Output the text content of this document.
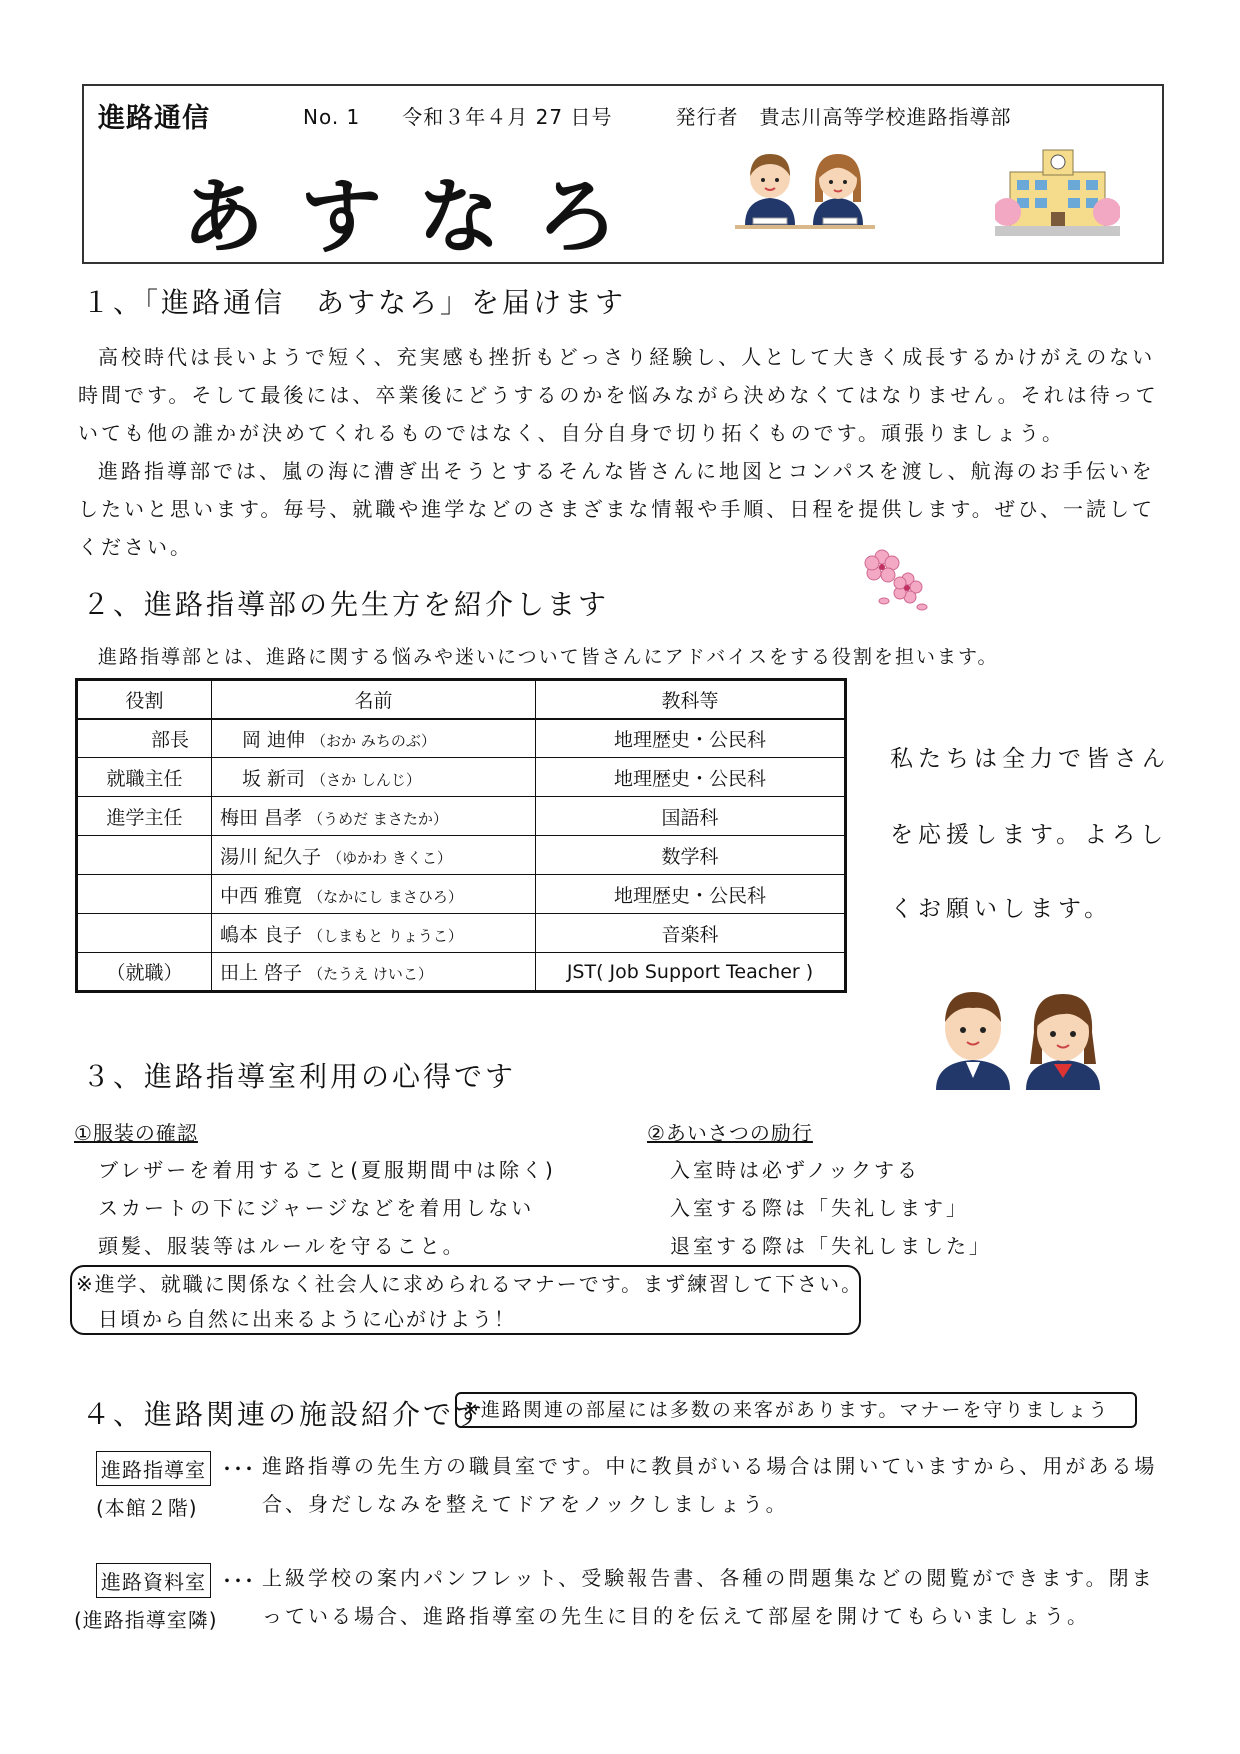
進路通信	No. 1　　令和３年４月 27 日号　　　発行者　貴志川高等学校進路指導部
あすなろ
１、「進路通信　あすなろ」を届けます

高校時代は長いようで短く、充実感も挫折もどっさり経験し、人として大きく成長するかけがえのない時間です。そして最後には、卒業後にどうするのかを悩みながら決めなくてはなりません。それは待っていても他の誰かが決めてくれるものではなく、自分自身で切り拓くものです。頑張りましょう。

進路指導部では、嵐の海に漕ぎ出そうとするそんな皆さんに地図とコンパスを渡し、航海のお手伝いをしたいと思います。毎号、就職や進学などのさまざまな情報や手順、日程を提供します。ぜひ、一読してください。

２、進路指導部の先生方を紹介します
進路指導部とは、進路に関する悩みや迷いについて皆さんにアドバイスをする役割を担います。
役割	名前	教科等
部長	岡 迪伸 （おか みちのぶ）	地理歴史・公民科
就職主任	坂 新司 （さか しんじ）	地理歴史・公民科
進学主任	梅田 昌孝 （うめだ まさたか）	国語科
	湯川 紀久子 （ゆかわ きくこ）	数学科
	中西 雅寛 （なかにし まさひろ）	地理歴史・公民科
	嶋本 良子 （しまもと りょうこ）	音楽科
（就職）	田上 啓子 （たうえ けいこ）	JST( Job Support Teacher )
私たちは全力で皆さん
を応援します。よろし
くお願いします。
３、進路指導室利用の心得です
①服装の確認
ブレザーを着用すること(夏服期間中は除く)
スカートの下にジャージなどを着用しない
頭髪、服装等はルールを守ること。
②あいさつの励行
入室時は必ずノックする
入室する際は「失礼します」
退室する際は「失礼しました」
※進学、就職に関係なく社会人に求められるマナーです。まず練習して下さい。
日頃から自然に出来るように心がけよう！
４、進路関連の施設紹介です
※進路関連の部屋には多数の来客があります。マナーを守りましょう
進路指導室
(本館２階)
･･･ 進路指導の先生方の職員室です。中に教員がいる場合は開いていますから、用がある場合、身だしなみを整えてドアをノックしましょう。
進路資料室
(進路指導室隣)
･･･ 上級学校の案内パンフレット、受験報告書、各種の問題集などの閲覧ができます。閉まっている場合、進路指導室の先生に目的を伝えて部屋を開けてもらいましょう。
